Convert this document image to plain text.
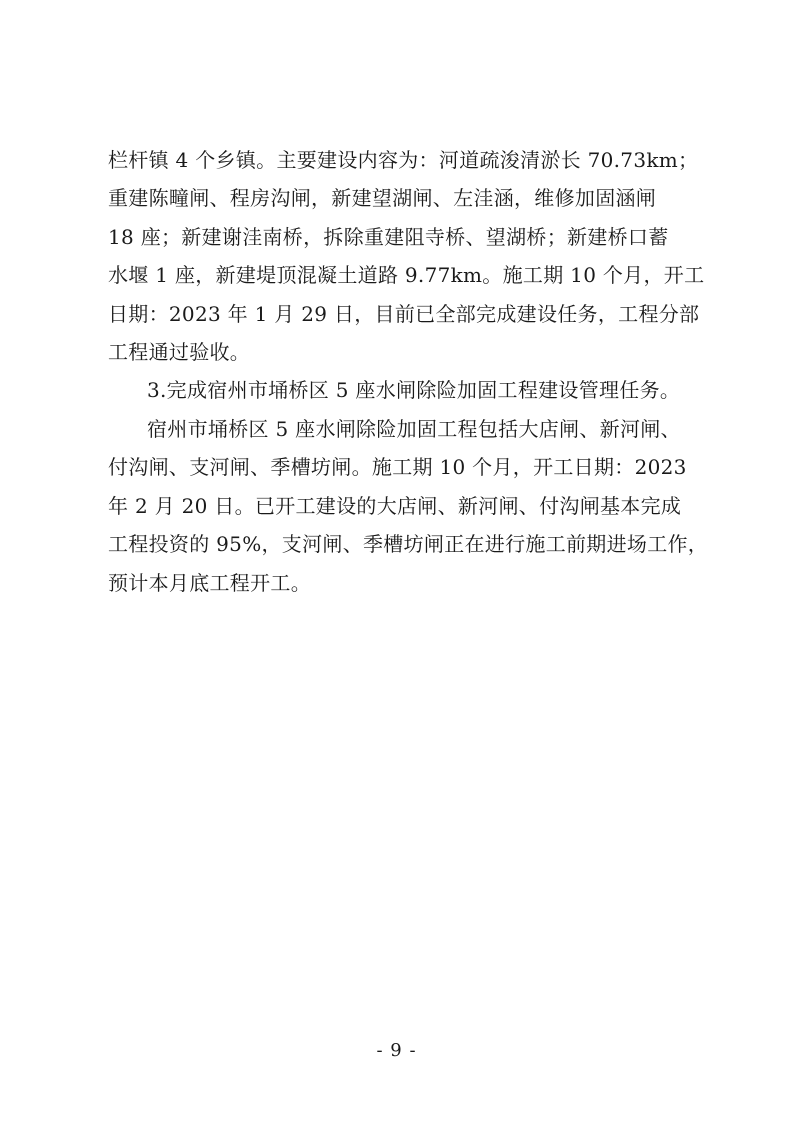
栏杆镇 4 个乡镇。主要建设内容为：河道疏浚清淤长 70.73km；
重建陈疃闸、程房沟闸，新建望湖闸、左洼涵，维修加固涵闸
18 座；新建谢洼南桥，拆除重建阻寺桥、望湖桥；新建桥口蓄
水堰 1 座，新建堤顶混凝土道路 9.77km。施工期 10 个月，开工
日期：2023 年 1 月 29 日，目前已全部完成建设任务，工程分部
工程通过验收。
3.完成宿州市埇桥区 5 座水闸除险加固工程建设管理任务。
宿州市埇桥区 5 座水闸除险加固工程包括大店闸、新河闸、
付沟闸、支河闸、季槽坊闸。施工期 10 个月，开工日期：2023
年 2 月 20 日。已开工建设的大店闸、新河闸、付沟闸基本完成
工程投资的 95%，支河闸、季槽坊闸正在进行施工前期进场工作，
预计本月底工程开工。
- 9 -
